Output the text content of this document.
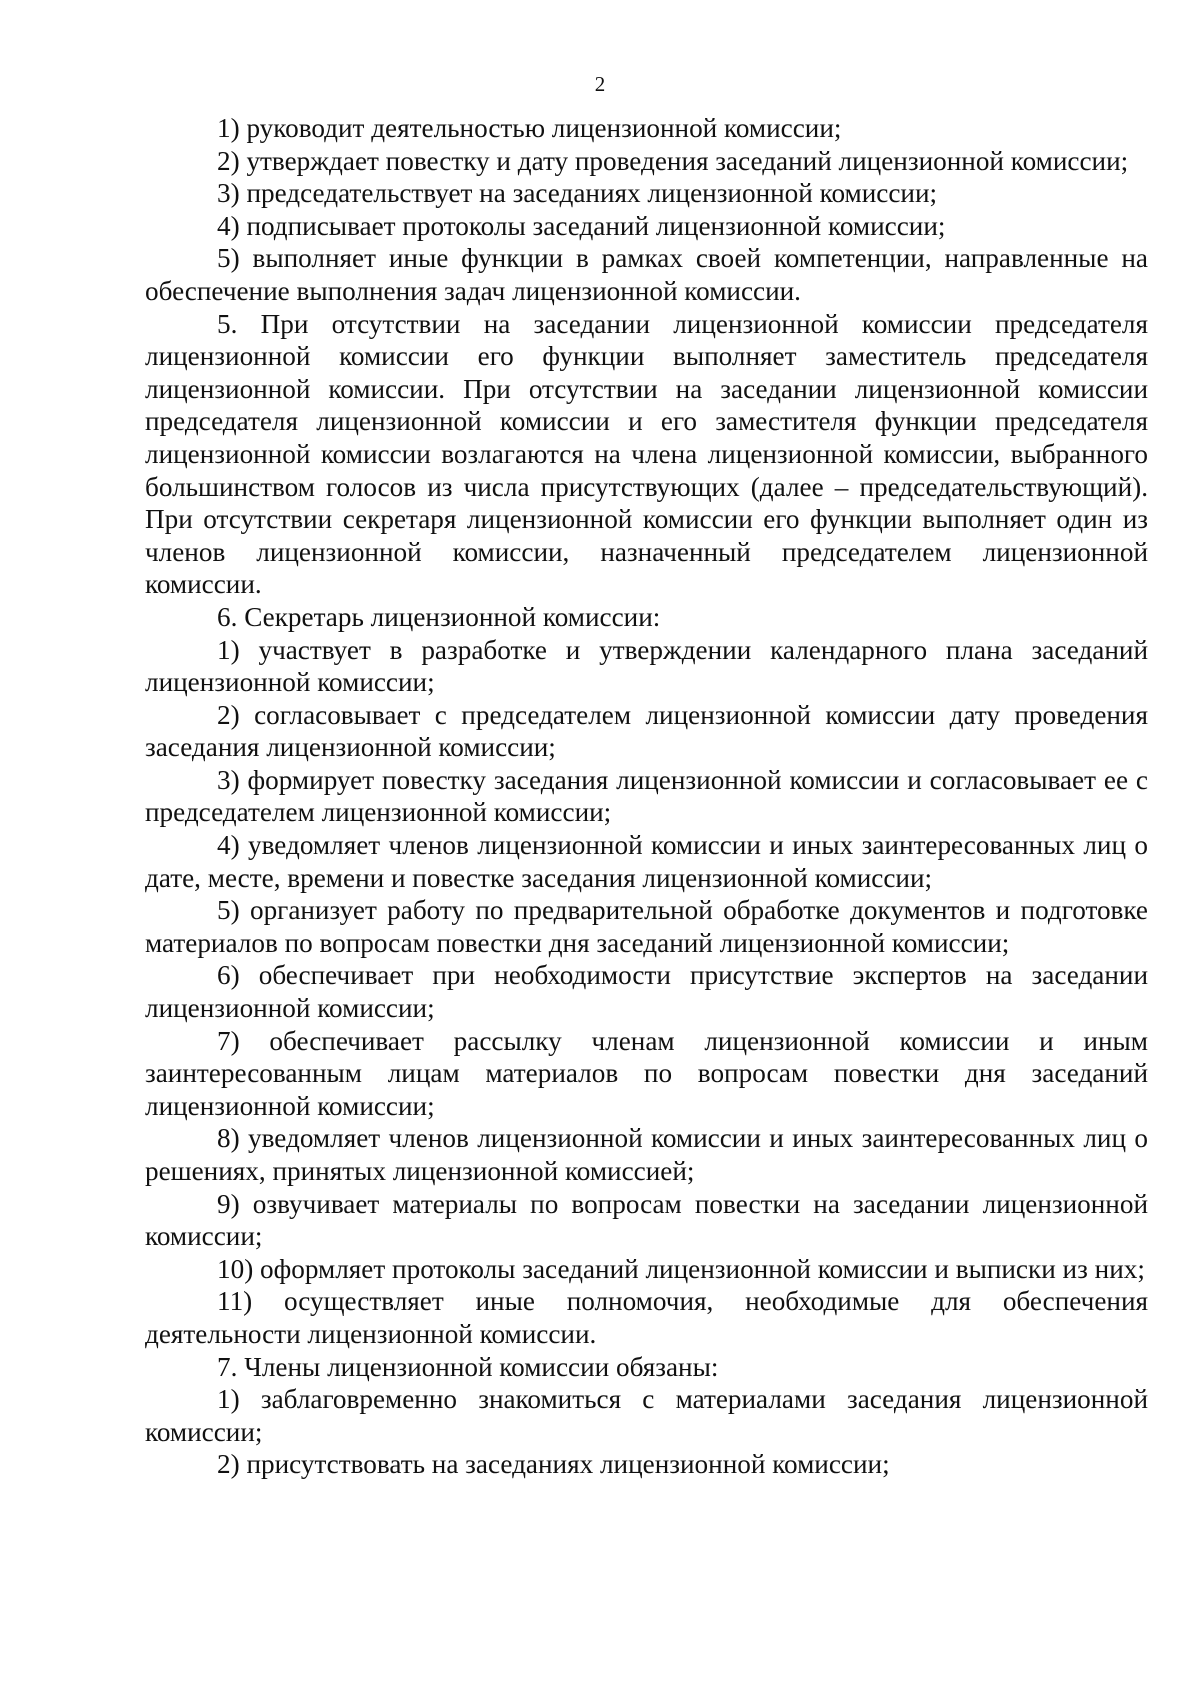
2

1) руководит деятельностью лицензионной комиссии;

2) утверждает повестку и дату проведения заседаний лицензионной комиссии;

3) председательствует на заседаниях лицензионной комиссии;

4) подписывает протоколы заседаний лицензионной комиссии;

5) выполняет иные функции в рамках своей компетенции, направленные на обеспечение выполнения задач лицензионной комиссии.

5. При отсутствии на заседании лицензионной комиссии председателя лицензионной комиссии его функции выполняет заместитель председателя лицензионной комиссии. При отсутствии на заседании лицензионной комиссии председателя лицензионной комиссии и его заместителя функции председателя лицензионной комиссии возлагаются на члена лицензионной комиссии, выбранного большинством голосов из числа присутствующих (далее – председательствующий). При отсутствии секретаря лицензионной комиссии его функции выполняет один из членов лицензионной комиссии, назначенный председателем лицензионной комиссии.

6. Секретарь лицензионной комиссии:

1) участвует в разработке и утверждении календарного плана заседаний лицензионной комиссии;

2) согласовывает с председателем лицензионной комиссии дату проведения заседания лицензионной комиссии;

3) формирует повестку заседания лицензионной комиссии и согласовывает ее с председателем лицензионной комиссии;

4) уведомляет членов лицензионной комиссии и иных заинтересованных лиц о дате, месте, времени и повестке заседания лицензионной комиссии;

5) организует работу по предварительной обработке документов и подготовке материалов по вопросам повестки дня заседаний лицензионной комиссии;

6) обеспечивает при необходимости присутствие экспертов на заседании лицензионной комиссии;

7) обеспечивает рассылку членам лицензионной комиссии и иным заинтересованным лицам материалов по вопросам повестки дня заседаний лицензионной комиссии;

8) уведомляет членов лицензионной комиссии и иных заинтересованных лиц о решениях, принятых лицензионной комиссией;

9) озвучивает материалы по вопросам повестки на заседании лицензионной комиссии;

10) оформляет протоколы заседаний лицензионной комиссии и выписки из них;

11) осуществляет иные полномочия, необходимые для обеспечения деятельности лицензионной комиссии.

7. Члены лицензионной комиссии обязаны:

1) заблаговременно знакомиться с материалами заседания лицензионной комиссии;

2) присутствовать на заседаниях лицензионной комиссии;
